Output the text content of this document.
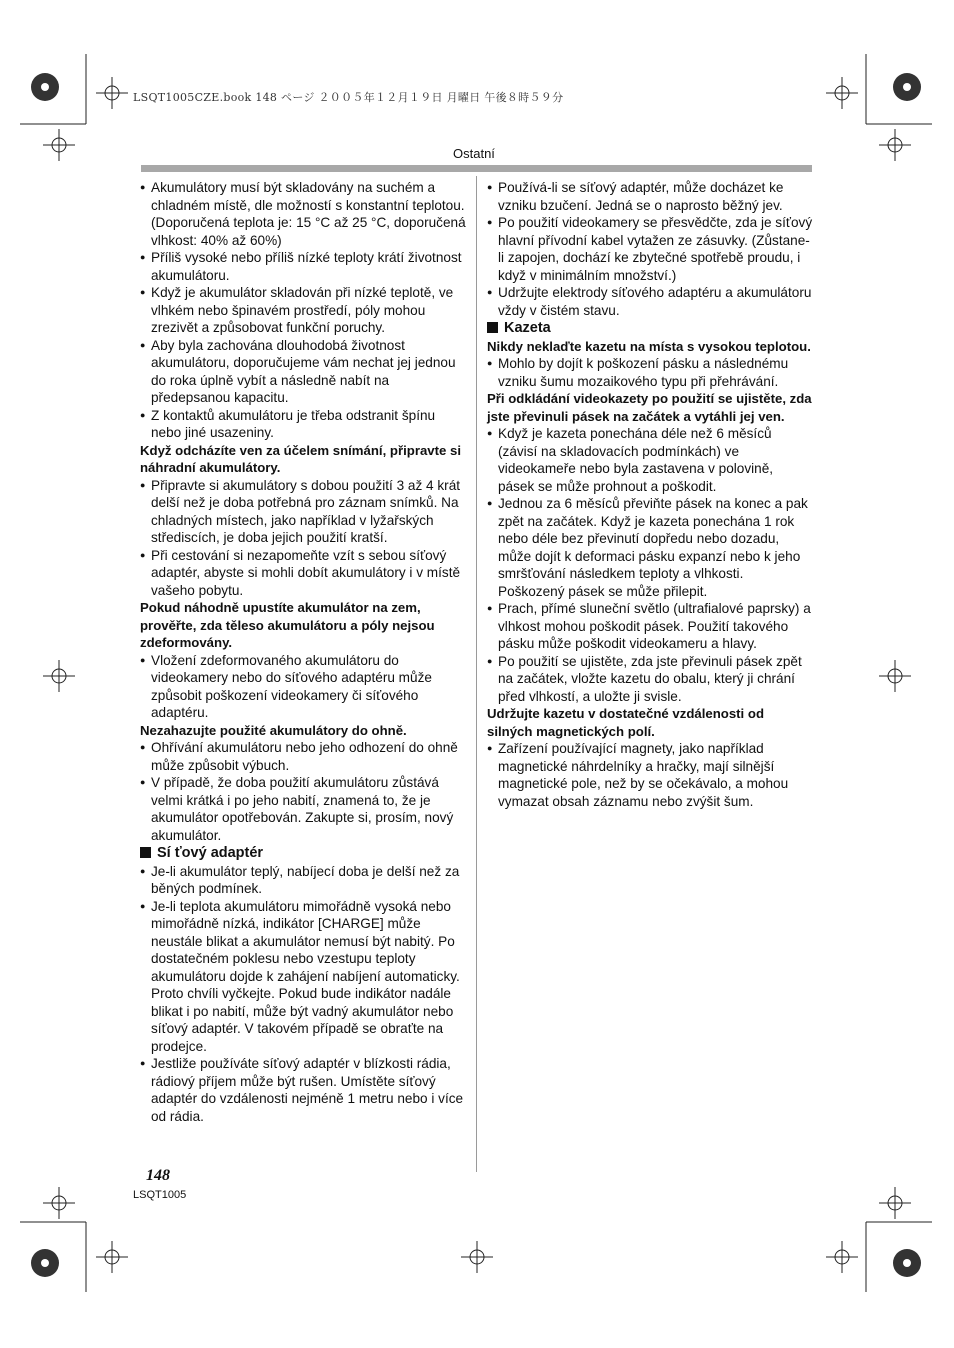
LSQT1005CZE.book 148 ページ ２００５年１２月１９日 月曜日 午後８時５９分
Ostatní

● Akumulátory musí být skladovány na suchém a chladném místě, dle možností s konstantní teplotou. (Doporučená teplota je: 15 °C až 25 °C, doporučená vlhkost: 40% až 60%)

● Příliš vysoké nebo příliš nízké teploty krátí životnost akumulátoru.

● Když je akumulátor skladován při nízké teplotě, ve vlhkém nebo špinavém prostředí, póly mohou zrezivět a způsobovat funkční poruchy.

● Aby byla zachována dlouhodobá životnost akumulátoru, doporučujeme vám nechat jej jednou do roka úplně vybít a následně nabít na předepsanou kapacitu.

● Z kontaktů akumulátoru je třeba odstranit špínu nebo jiné usazeniny.

Když odcházíte ven za účelem snímání, připravte si náhradní akumulátory.

● Připravte si akumulátory s dobou použití 3 až 4 krát delší než je doba potřebná pro záznam snímků. Na chladných místech, jako například v lyžařských střediscích, je doba jejich použití kratší.

● Při cestování si nezapomeňte vzít s sebou síťový adaptér, abyste si mohli dobít akumulátory i v místě vašeho pobytu.

Pokud náhodně upustíte akumulátor na zem, prověřte, zda těleso akumulátoru a póly nejsou zdeformovány.

● Vložení zdeformovaného akumulátoru do videokamery nebo do síťového adaptéru může způsobit poškození videokamery či síťového adaptéru.

Nezahazujte použité akumulátory do ohně.

● Ohřívání akumulátoru nebo jeho odhození do ohně může způsobit výbuch.

● V případě, že doba použití akumulátoru zůstává velmi krátká i po jeho nabití, znamená to, že je akumulátor opotřebován. Zakupte si, prosím, nový akumulátor.

Sí ťový adaptér

● Je-li akumulátor teplý, nabíjecí doba je delší než za běných podmínek.

● Je-li teplota akumulátoru mimořádně vysoká nebo mimořádně nízká, indikátor [CHARGE] může neustále blikat a akumulátor nemusí být nabitý. Po dostatečném poklesu nebo vzestupu teploty akumulátoru dojde k zahájení nabíjení automaticky. Proto chvíli vyčkejte. Pokud bude indikátor nadále blikat i po nabití, může být vadný akumulátor nebo síťový adaptér. V takovém případě se obraťte na prodejce.

● Jestliže používáte síťový adaptér v blízkosti rádia, rádiový příjem může být rušen. Umístěte síťový adaptér do vzdálenosti nejméně 1 metru nebo i více od rádia.

● Používá-li se síťový adaptér, může docházet ke vzniku bzučení. Jedná se o naprosto běžný jev.

● Po použití videokamery se přesvědčte, zda je síťový hlavní přívodní kabel vytažen ze zásuvky. (Zůstane-li zapojen, dochází ke zbytečné spotřebě proudu, i když v minimálním množství.)

● Udržujte elektrody síťového adaptéru a akumulátoru vždy v čistém stavu.

Kazeta

Nikdy neklaďte kazetu na místa s vysokou teplotou.

● Mohlo by dojít k poškození pásku a následnému vzniku šumu mozaikového typu při přehrávání.

Při odkládání videokazety po použití se ujistěte, zda jste převinuli pásek na začátek a vytáhli jej ven.

● Když je kazeta ponechána déle než 6 měsíců (závisí na skladovacích podmínkách) ve videokameře nebo byla zastavena v polovině, pásek se může prohnout a poškodit.

● Jednou za 6 měsíců převiňte pásek na konec a pak zpět na začátek. Když je kazeta ponechána 1 rok nebo déle bez převinutí dopředu nebo dozadu, může dojít k deformaci pásku expanzí nebo k jeho smršťování následkem teploty a vlhkosti. Poškozený pásek se může přilepit.

● Prach, přímé sluneční světlo (ultrafialové paprsky) a vlhkost mohou poškodit pásek. Použití takového pásku může poškodit videokameru a hlavy.

● Po použití se ujistěte, zda jste převinuli pásek zpět na začátek, vložte kazetu do obalu, který ji chrání před vlhkostí, a uložte ji svisle.

Udržujte kazetu v dostatečné vzdálenosti od silných magnetických polí.

● Zařízení používající magnety, jako například magnetické náhrdelníky a hračky, mají silnější magnetické pole, než by se očekávalo, a mohou vymazat obsah záznamu nebo zvýšit šum.

148
LSQT1005
